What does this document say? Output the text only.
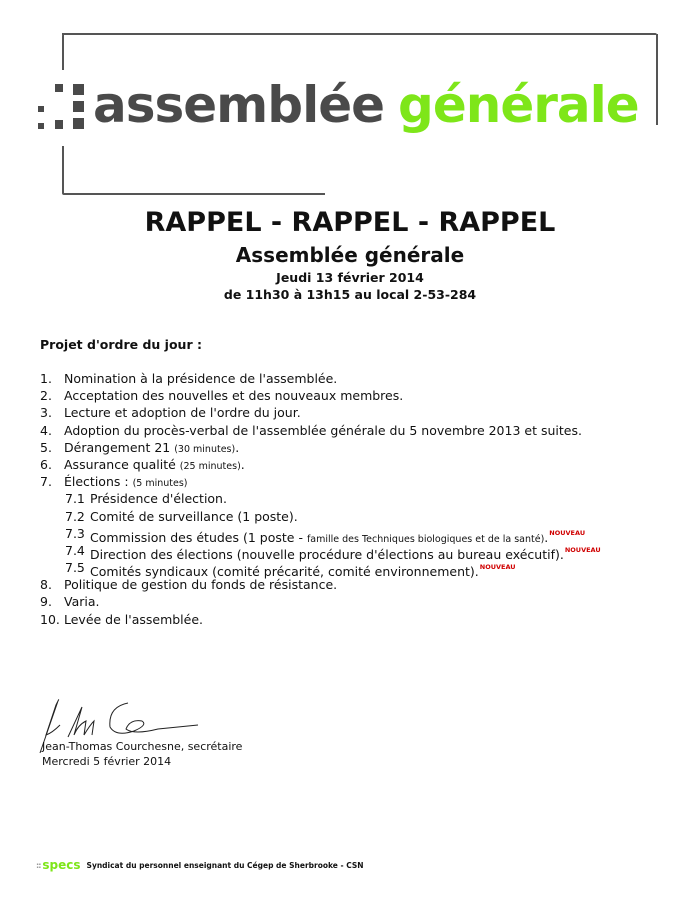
assemblée générale
RAPPEL - RAPPEL - RAPPEL
Assemblée générale
Jeudi 13 février 2014
de 11h30 à 13h15 au local 2-53-284
Projet d'ordre du jour :
1. Nomination à la présidence de l'assemblée.
2. Acceptation des nouvelles et des nouveaux membres.
3. Lecture et adoption de l'ordre du jour.
4. Adoption du procès-verbal de l'assemblée générale du 5 novembre 2013 et suites.
5. Dérangement 21 (30 minutes).
6. Assurance qualité (25 minutes).
7. Élections : (5 minutes)
7.1 Présidence d'élection.
7.2 Comité de surveillance (1 poste).
7.3 Commission des études (1 poste - famille des Techniques biologiques et de la santé).$^{NOUVEAU}$
7.4 Direction des élections (nouvelle procédure d'élections au bureau exécutif).$^{NOUVEAU}$
7.5 Comités syndicaux (comité précarité, comité environnement).$^{NOUVEAU}$
8. Politique de gestion du fonds de résistance.
9. Varia.
10. Levée de l'assemblée.
Jean-Thomas Courchesne, secrétaire
Mercredi 5 février 2014
:: specs Syndicat du personnel enseignant du Cégep de Sherbrooke - CSN
